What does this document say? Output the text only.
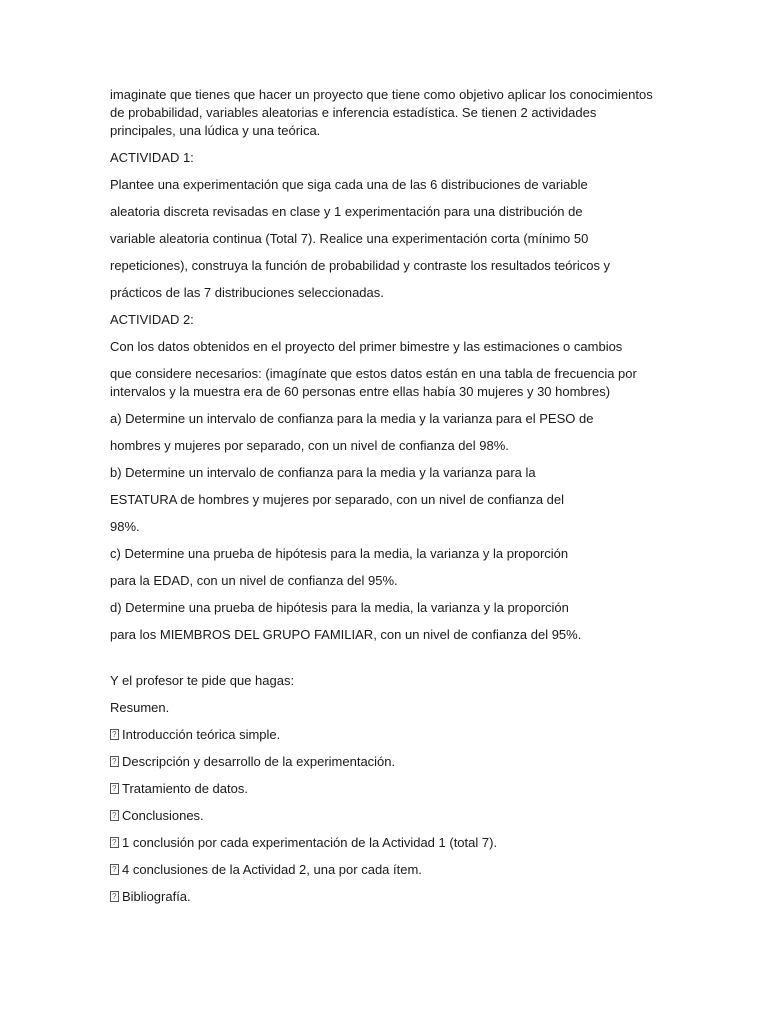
imaginate que tienes que hacer un proyecto que tiene como objetivo aplicar los conocimientos

de probabilidad, variables aleatorias e inferencia estadística. Se tienen 2 actividades

principales, una lúdica y una teórica.

ACTIVIDAD 1:

Plantee una experimentación que siga cada una de las 6 distribuciones de variable

aleatoria discreta revisadas en clase y 1 experimentación para una distribución de

variable aleatoria continua (Total 7). Realice una experimentación corta (mínimo 50

repeticiones), construya la función de probabilidad y contraste los resultados teóricos y

prácticos de las 7 distribuciones seleccionadas.

ACTIVIDAD 2:

Con los datos obtenidos en el proyecto del primer bimestre y las estimaciones o cambios

que considere necesarios: (imagínate que estos datos están en una tabla de frecuencia por

intervalos y la muestra era de 60 personas entre ellas había 30 mujeres y 30 hombres)

a) Determine un intervalo de confianza para la media y la varianza para el PESO de

hombres y mujeres por separado, con un nivel de confianza del 98%.

b) Determine un intervalo de confianza para la media y la varianza para la

ESTATURA de hombres y mujeres por separado, con un nivel de confianza del

98%.

c) Determine una prueba de hipótesis para la media, la varianza y la proporción

para la EDAD, con un nivel de confianza del 95%.

d) Determine una prueba de hipótesis para la media, la varianza y la proporción

para los MIEMBROS DEL GRUPO FAMILIAR, con un nivel de confianza del 95%.

Y el profesor te pide que hagas:

Resumen.

?Introducción teórica simple.

?Descripción y desarrollo de la experimentación.

?Tratamiento de datos.

?Conclusiones.

?1 conclusión por cada experimentación de la Actividad 1 (total 7).

?4 conclusiones de la Actividad 2, una por cada ítem.

?Bibliografía.
